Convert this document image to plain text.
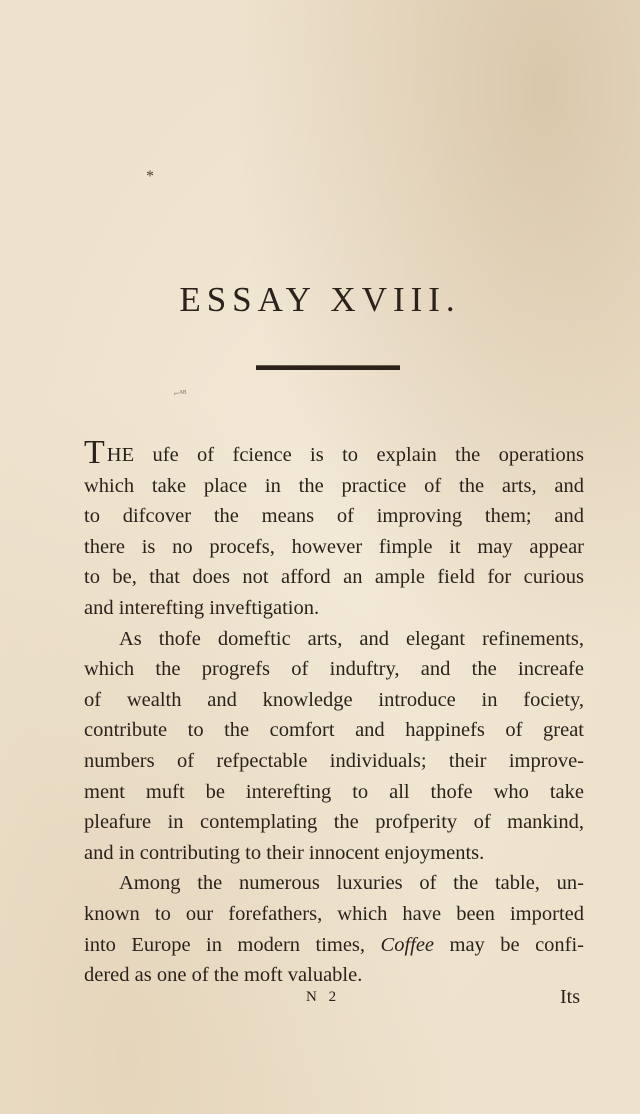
*
ESSAY XVIII.
⌐ᴬᴮ
T HE ufe of fcience is to explain the operations
which take place in the practice of the arts, and
to difcover the means of improving them; and
there is no procefs, however fimple it may appear
to be, that does not afford an ample field for curious
and interefting inveftigation.
As thofe domeftic arts, and elegant refinements,
which the progrefs of induftry, and the increafe
of wealth and knowledge introduce in fociety,
contribute to the comfort and happinefs of great
numbers of refpectable individuals; their improve-
ment muft be interefting to all thofe who take
pleafure in contemplating the profperity of mankind,
and in contributing to their innocent enjoyments.
Among the numerous luxuries of the table, un-
known to our forefathers, which have been imported
into Europe in modern times, Coffee may be confi-
dered as one of the moft valuable.
N 2	Its
